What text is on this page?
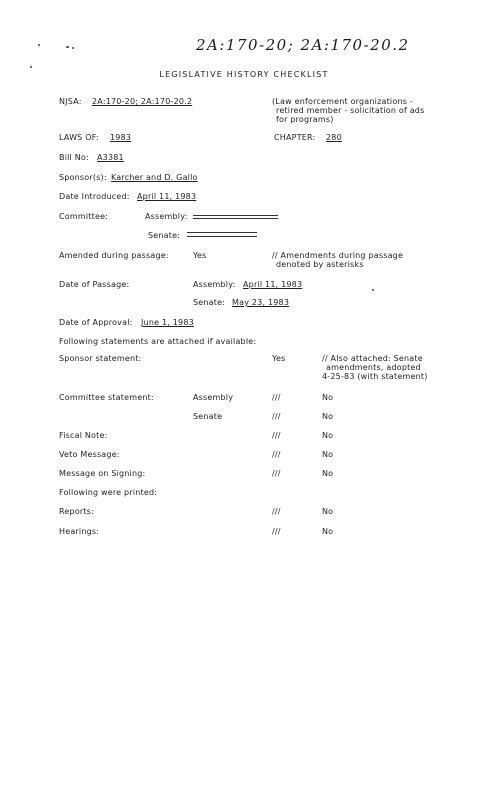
2A:170-20; 2A:170-20.2
LEGISLATIVE HISTORY CHECKLIST
NJSA: 2A:170-20; 2A:170-20.2	(Law enforcement organizations -
retired member - solicitation of ads
for programs)
LAWS OF: 1983	CHAPTER: 280
Bill No: A3381
Sponsor(s): Karcher and D. Gallo
Date Introduced: April 11, 1983
Committee:	Assembly:
Senate:
Amended during passage:	Yes	// Amendments during passage
denoted by asterisks
Date of Passage:	Assembly: April 11, 1983
Senate: May 23, 1983
Date of Approval: June 1, 1983
Following statements are attached if available:
Sponsor statement:	Yes	// Also attached: Senate
amendments, adopted
4-25-83 (with statement)
Committee statement:	Assembly	///	No
Senate	///	No
Fiscal Note:	///	No
Veto Message:	///	No
Message on Signing:	///	No
Following were printed:
Reports:	///	No
Hearings:	///	No
